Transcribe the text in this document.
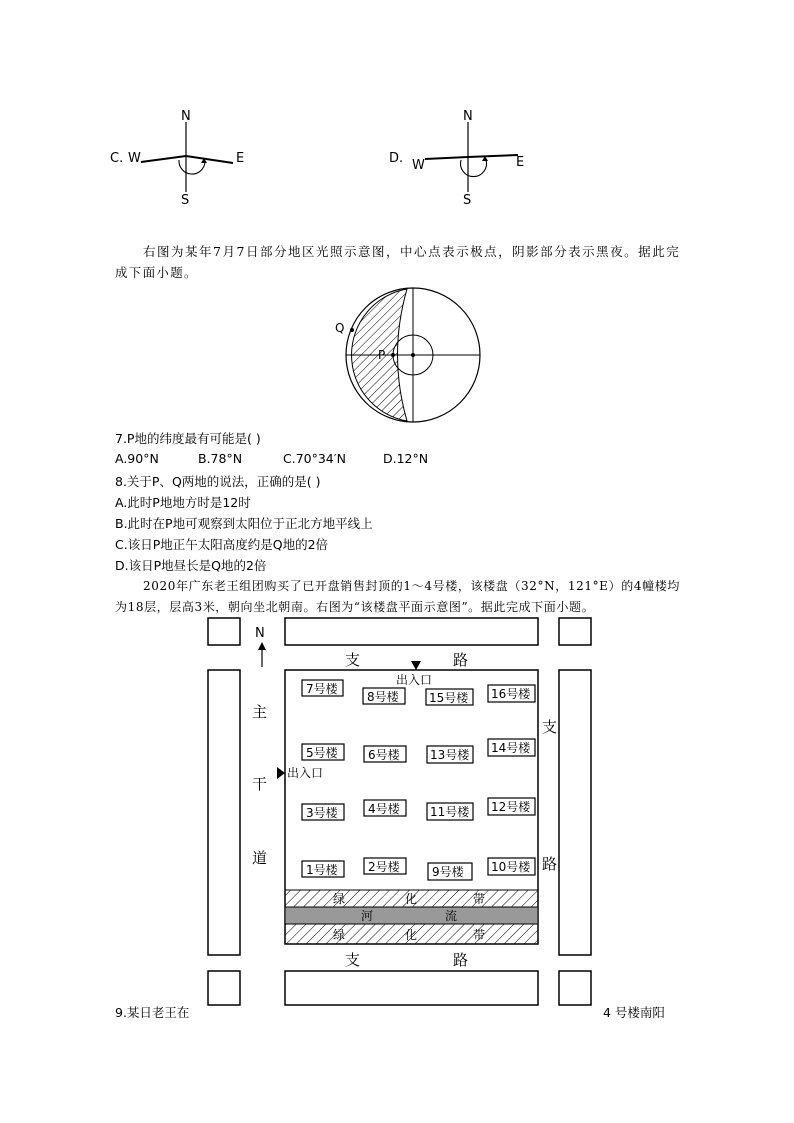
N
S
W	E
C.
N
S
W	E
D.
右图为某年7月7日部分地区光照示意图，中心点表示极点，阴影部分表示黑夜。据此完成下面小题。
Q
P
7.P地的纬度最有可能是( )
A.90°N	B.78°N	C.70°34′N	D.12°N
8.关于P、Q两地的说法，正确的是( )
A.此时P地地方时是12时
B.此时在P地可观察到太阳位于正北方地平线上
C.该日P地正午太阳高度约是Q地的2倍
D.该日P地昼长是Q地的2倍
2020年广东老王组团购买了已开盘销售封顶的1～4号楼，该楼盘（32°N，121°E）的4幢楼均为18层，层高3米，朝向坐北朝南。右图为“该楼盘平面示意图”。据此完成下面小题。
N
支	路
支	路
主
干
道
支
路
出入口
出入口
绿	化	带
河	流
绿	化	带
7号楼
8号楼	15号楼 16号楼
5号楼	6号楼	13号楼 14号楼
3号楼	4号楼	11号楼 12号楼
1号楼	2号楼	9号楼 10号楼
9.某日老王在	4 号楼南阳
